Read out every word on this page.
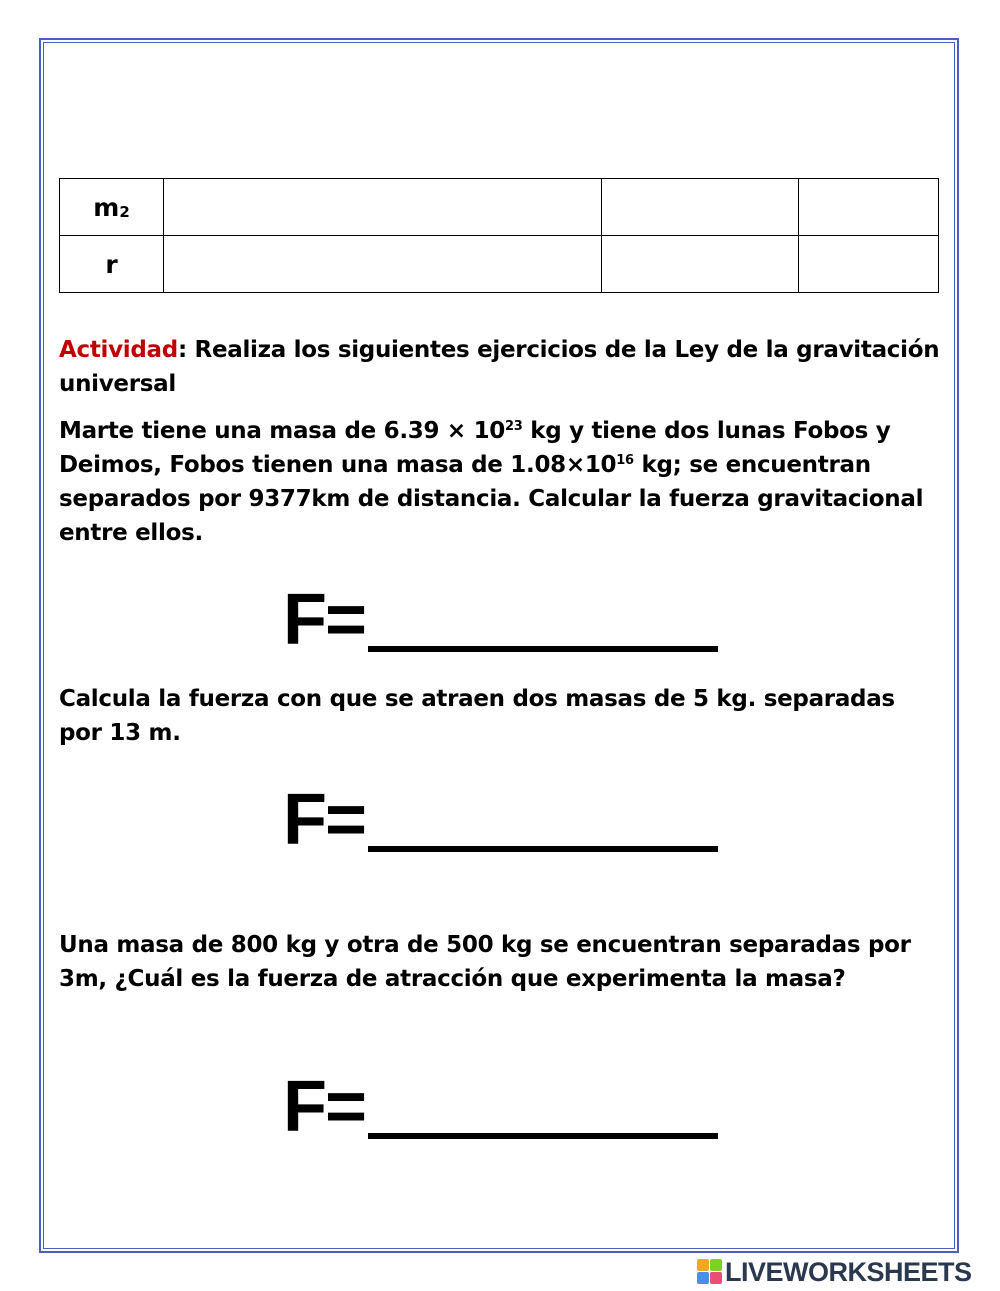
$m_2$			
r			
Actividad: Realiza los siguientes ejercicios de la Ley de la gravitación universal
Marte tiene una masa de $6.39 \times 10^{23}$ kg y tiene dos lunas Fobos y Deimos, Fobos tienen una masa de $1.08\times 10^{16}$ kg; se encuentran separados por 9377km de distancia. Calcular la fuerza gravitacional entre ellos.
F=
Calcula la fuerza con que se atraen dos masas de 5 kg. separadas por 13 m.
F=
Una masa de 800 kg y otra de 500 kg se encuentran separadas por 3m, ¿Cuál es la fuerza de atracción que experimenta la masa?
F=
LIVEWORKSHEETS
